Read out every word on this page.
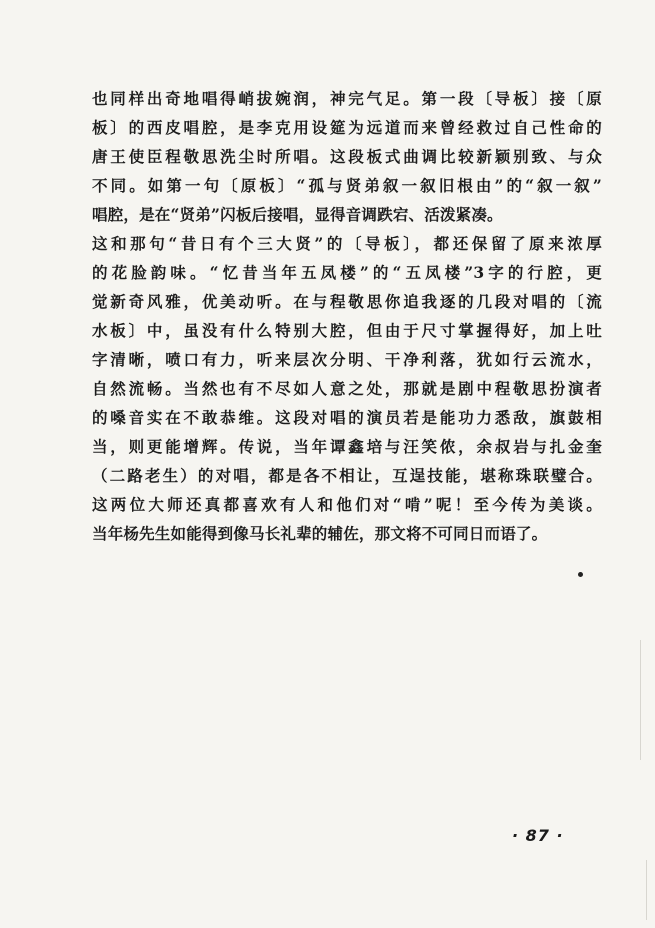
也同样出奇地唱得峭拔婉润，神完气足。第一段〔导板〕接〔原
板〕的西皮唱腔，是李克用设筵为远道而来曾经救过自己性命的
唐王使臣程敬思洗尘时所唱。这段板式曲调比较新颖别致、与众
不同。如第一句〔原板〕“孤与贤弟叙一叙旧根由”的“叙一叙”
唱腔，是在“贤弟”闪板后接唱，显得音调跌宕、活泼紧凑。
这和那句“昔日有个三大贤”的〔导板〕，都还保留了原来浓厚
的花脸韵味。“忆昔当年五凤楼”的“五凤楼”3字的行腔，更
觉新奇风雅，优美动听。在与程敬思你追我逐的几段对唱的〔流
水板〕中，虽没有什么特别大腔，但由于尺寸掌握得好，加上吐
字清晰，喷口有力，听来层次分明、干净利落，犹如行云流水，
自然流畅。当然也有不尽如人意之处，那就是剧中程敬思扮演者
的嗓音实在不敢恭维。这段对唱的演员若是能功力悉敌，旗鼓相
当，则更能增辉。传说，当年谭鑫培与汪笑侬，余叔岩与扎金奎
（二路老生）的对唱，都是各不相让，互逞技能，堪称珠联璧合。
这两位大师还真都喜欢有人和他们对“啃”呢！至今传为美谈。
当年杨先生如能得到像马长礼辈的辅佐，那文将不可同日而语了。
· 87 ·
